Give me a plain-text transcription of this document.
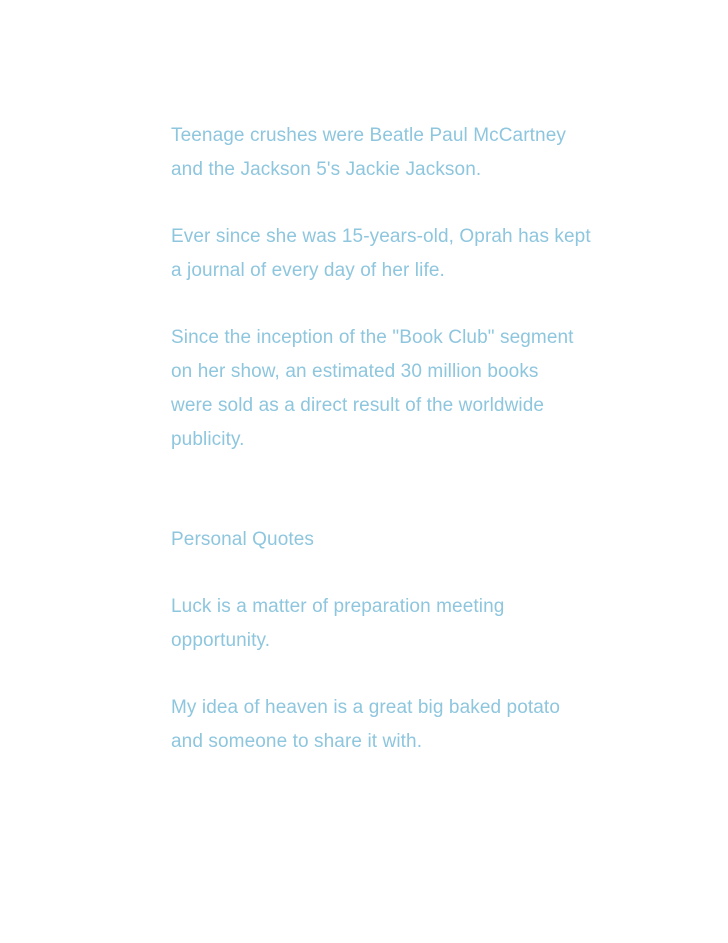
Teenage crushes were Beatle Paul McCartney
and the Jackson 5's Jackie Jackson.

Ever since she was 15-years-old, Oprah has kept
a journal of every day of her life.

Since the inception of the "Book Club" segment
on her show, an estimated 30 million books
were sold as a direct result of the worldwide
publicity.

Personal Quotes

Luck is a matter of preparation meeting
opportunity.

My idea of heaven is a great big baked potato
and someone to share it with.
